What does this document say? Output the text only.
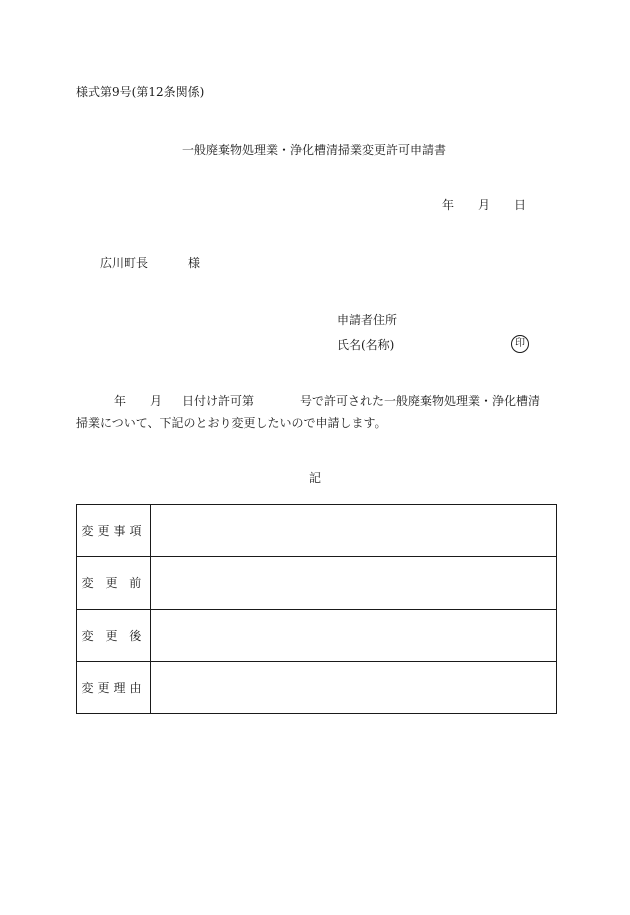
様式第9号(第12条関係)
一般廃棄物処理業・浄化槽清掃業変更許可申請書
年 月 日
広川町長	様
申請者住所
氏名(名称)	印
年 月 日付け許可第	号で許可された一般廃棄物処理業・浄化槽清
掃業について、下記のとおり変更したいので申請します。
記
変更事項	
変 更 前	
変 更 後	
変更理由	
